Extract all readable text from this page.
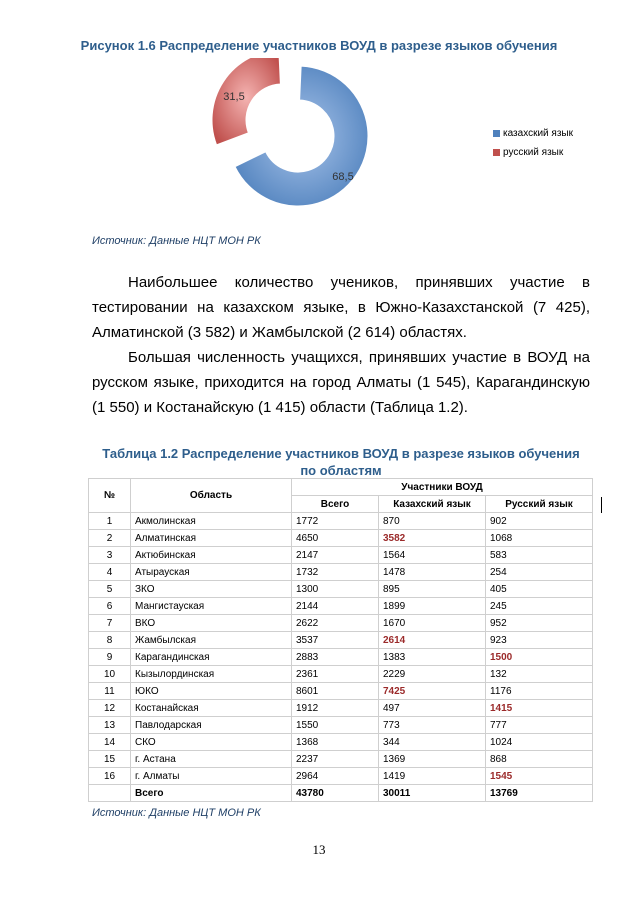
Рисунок 1.6 Распределение участников ВОУД в разрезе языков обучения
68,5
31,5
казахский язык
русский язык
Источник: Данные НЦТ МОН РК

Наибольшее количество учеников, принявших участие в тестировании на казахском языке, в Южно-Казахстанской (7 425), Алматинской (3 582) и Жамбылской (2 614) областях.

Большая численность учащихся, принявших участие в ВОУД на русском языке, приходится на город Алматы (1 545), Карагандинскую (1 550) и Костанайскую (1 415) области (Таблица 1.2).

Таблица 1.2 Распределение участников ВОУД в разрезе языков обучения
по областям
№	Область	Участники ВОУД		
		Всего	Казахский язык	Русский язык
1	Акмолинская	1772	870	902
2	Алматинская	4650	3582	1068
3	Актюбинская	2147	1564	583
4	Атырауская	1732	1478	254
5	ЗКО	1300	895	405
6	Мангистауская	2144	1899	245
7	ВКО	2622	1670	952
8	Жамбылская	3537	2614	923
9	Карагандинская	2883	1383	1500
10	Кызылординская	2361	2229	132
11	ЮКО	8601	7425	1176
12	Костанайская	1912	497	1415
13	Павлодарская	1550	773	777
14	СКО	1368	344	1024
15	г. Астана	2237	1369	868
16	г. Алматы	2964	1419	1545
	Всего	43780	30011	13769
Источник: Данные НЦТ МОН РК
13
